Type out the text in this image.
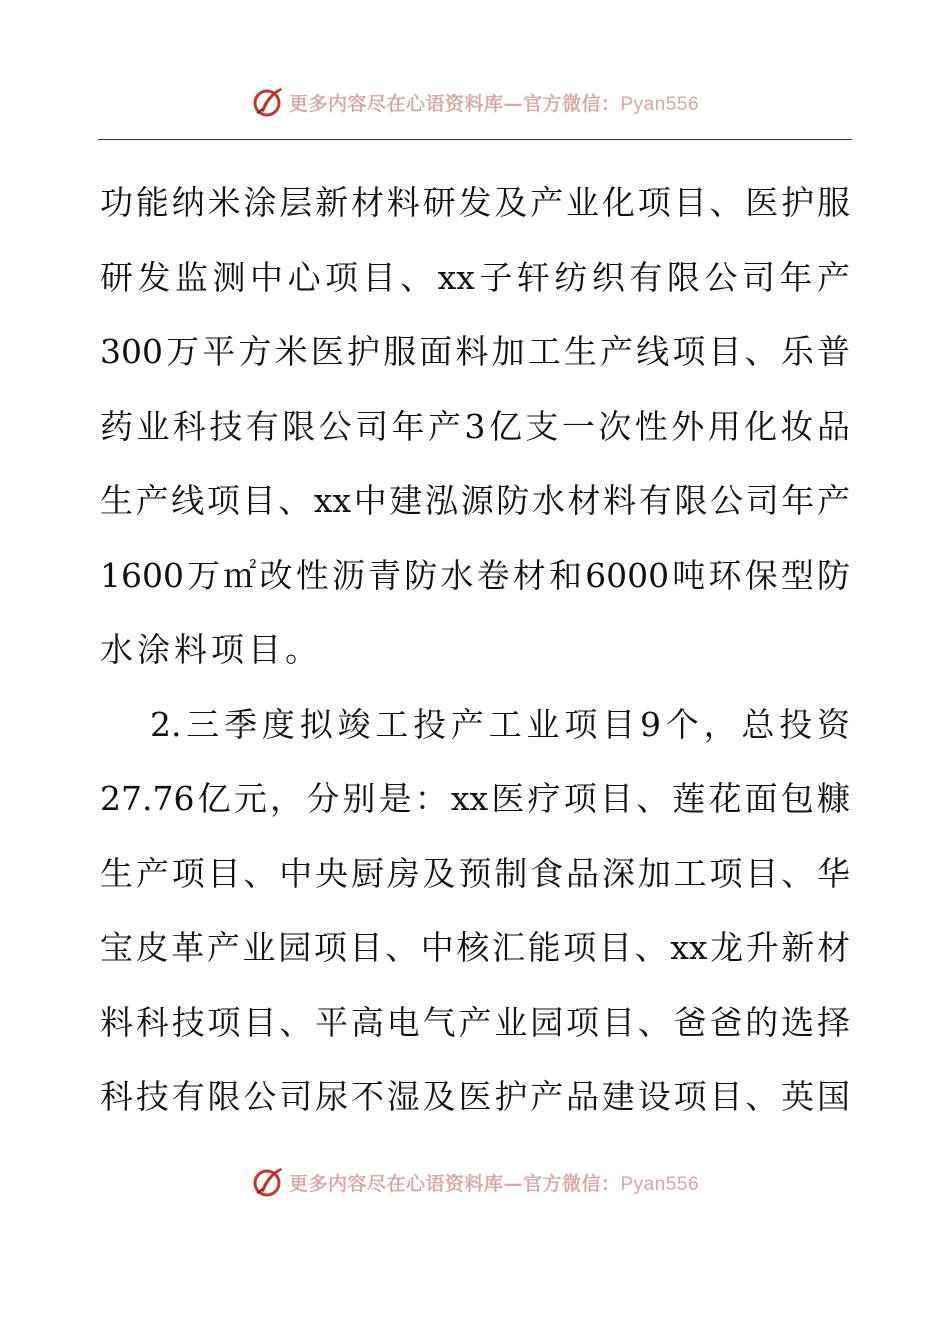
更多内容尽在心语资料库—官方微信：Pyan556
功能纳米涂层新材料研发及产业化项目、医护服
研发监测中心项目、xx子轩纺织有限公司年产
300万平方米医护服面料加工生产线项目、乐普
药业科技有限公司年产3亿支一次性外用化妆品
生产线项目、xx中建泓源防水材料有限公司年产
1600万㎡改性沥青防水卷材和6000吨环保型防
水涂料项目。
2.三季度拟竣工投产工业项目9个，总投资
27.76亿元，分别是：xx医疗项目、莲花面包糠
生产项目、中央厨房及预制食品深加工项目、华
宝皮革产业园项目、中核汇能项目、xx龙升新材
料科技项目、平高电气产业园项目、爸爸的选择
科技有限公司尿不湿及医护产品建设项目、英国
更多内容尽在心语资料库—官方微信：Pyan556
